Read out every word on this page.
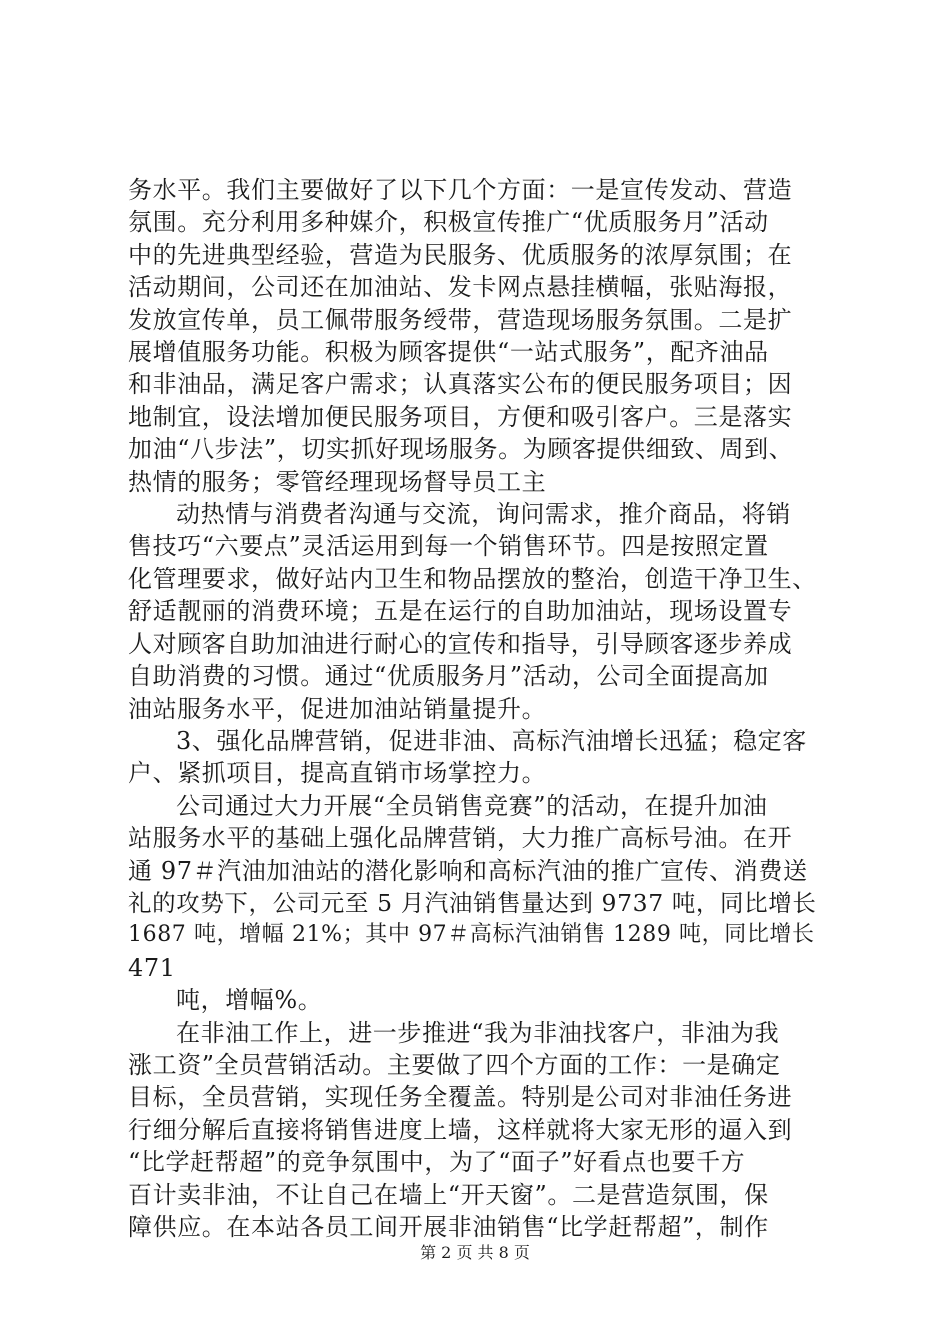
务水平。我们主要做好了以下几个方面：一是宣传发动、营造
氛围。充分利用多种媒介，积极宣传推广“优质服务月”活动
中的先进典型经验，营造为民服务、优质服务的浓厚氛围；在
活动期间，公司还在加油站、发卡网点悬挂横幅，张贴海报，
发放宣传单，员工佩带服务绶带，营造现场服务氛围。二是扩
展增值服务功能。积极为顾客提供“一站式服务”，配齐油品
和非油品，满足客户需求；认真落实公布的便民服务项目；因
地制宜，设法增加便民服务项目，方便和吸引客户。三是落实
加油“八步法”，切实抓好现场服务。为顾客提供细致、周到、
热情的服务；零管经理现场督导员工主
动热情与消费者沟通与交流，询问需求，推介商品，将销
售技巧“六要点”灵活运用到每一个销售环节。四是按照定置
化管理要求，做好站内卫生和物品摆放的整治，创造干净卫生、
舒适靓丽的消费环境；五是在运行的自助加油站，现场设置专
人对顾客自助加油进行耐心的宣传和指导，引导顾客逐步养成
自助消费的习惯。通过“优质服务月”活动，公司全面提高加
油站服务水平，促进加油站销量提升。
3、强化品牌营销，促进非油、高标汽油增长迅猛；稳定客
户、紧抓项目，提高直销市场掌控力。
公司通过大力开展“全员销售竞赛”的活动，在提升加油
站服务水平的基础上强化品牌营销，大力推广高标号油。在开
通 97＃汽油加油站的潜化影响和高标汽油的推广宣传、消费送
礼的攻势下，公司元至 5 月汽油销售量达到 9737 吨，同比增长
1687 吨，增幅 21%；其中 97＃高标汽油销售 1289 吨，同比增长
471
吨，增幅%。
在非油工作上，进一步推进“我为非油找客户，非油为我
涨工资”全员营销活动。主要做了四个方面的工作：一是确定
目标，全员营销，实现任务全覆盖。特别是公司对非油任务进
行细分解后直接将销售进度上墙，这样就将大家无形的逼入到
“比学赶帮超”的竞争氛围中，为了“面子”好看点也要千方
百计卖非油，不让自己在墙上“开天窗”。二是营造氛围，保
障供应。在本站各员工间开展非油销售“比学赶帮超”，制作
第 2 页 共 8 页
